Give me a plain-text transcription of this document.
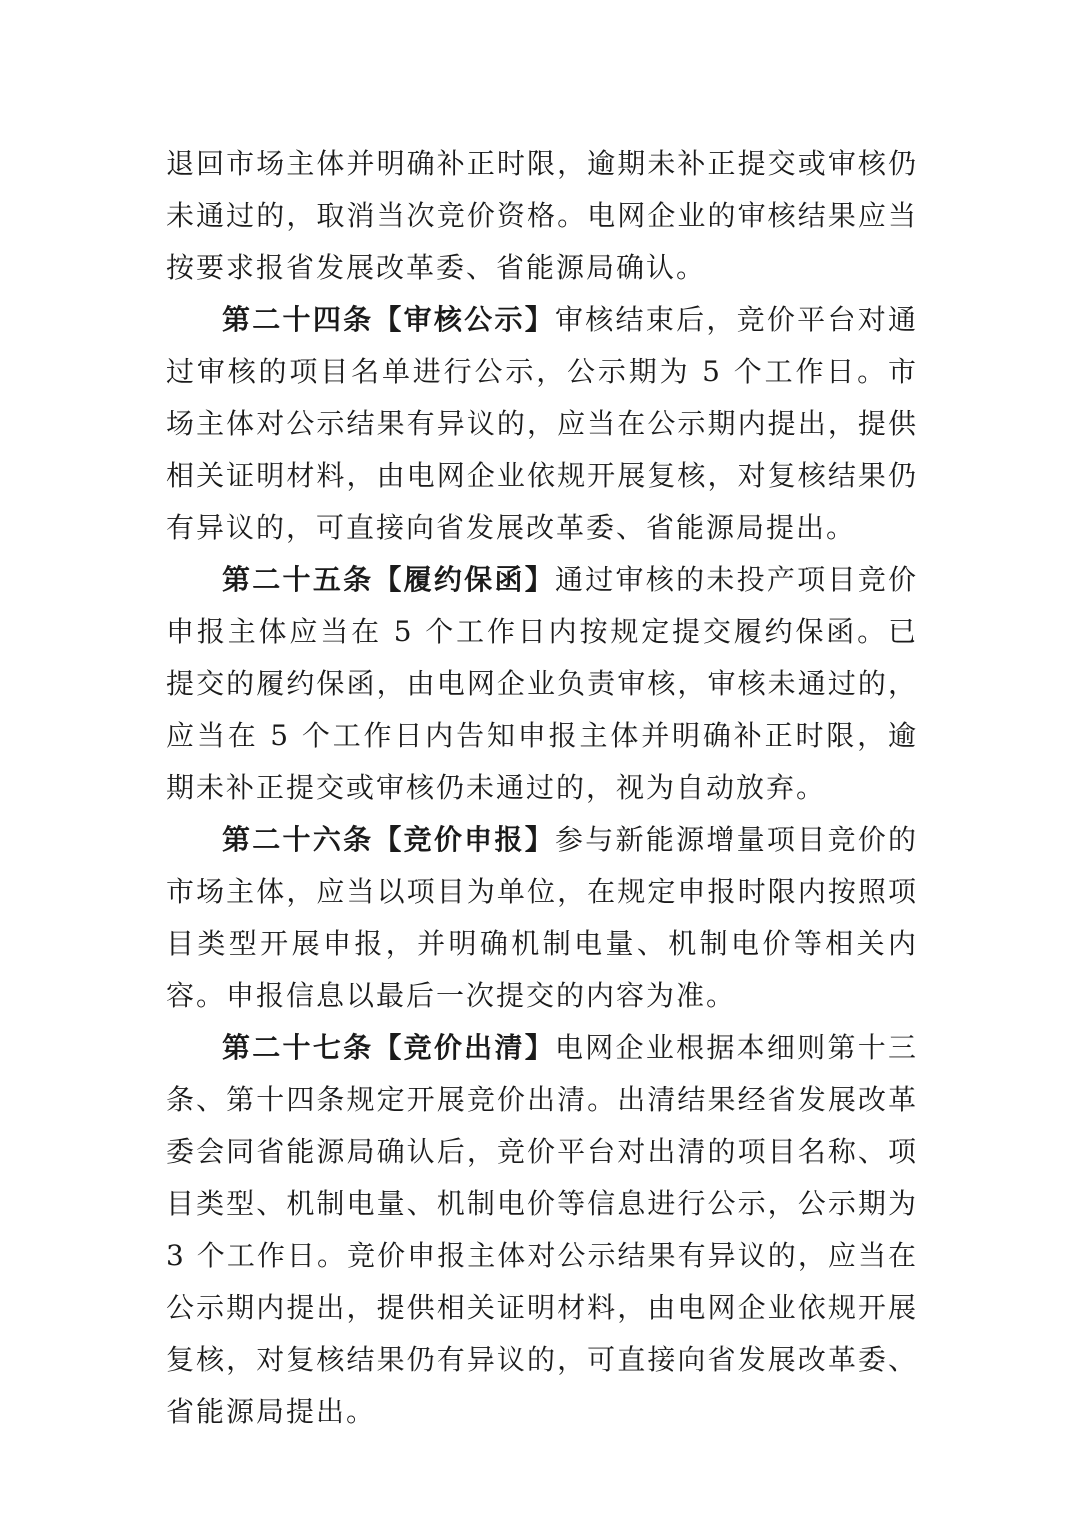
退回市场主体并明确补正时限，逾期未补正提交或审核仍未通过的，取消当次竞价资格。电网企业的审核结果应当按要求报省发展改革委、省能源局确认。

第二十四条【审核公示】审核结束后，竞价平台对通过审核的项目名单进行公示，公示期为 5 个工作日。市场主体对公示结果有异议的，应当在公示期内提出，提供相关证明材料，由电网企业依规开展复核，对复核结果仍有异议的，可直接向省发展改革委、省能源局提出。

第二十五条【履约保函】通过审核的未投产项目竞价申报主体应当在 5 个工作日内按规定提交履约保函。已提交的履约保函，由电网企业负责审核，审核未通过的，应当在 5 个工作日内告知申报主体并明确补正时限，逾期未补正提交或审核仍未通过的，视为自动放弃。

第二十六条【竞价申报】参与新能源增量项目竞价的市场主体，应当以项目为单位，在规定申报时限内按照项目类型开展申报，并明确机制电量、机制电价等相关内容。申报信息以最后一次提交的内容为准。

第二十七条【竞价出清】电网企业根据本细则第十三条、第十四条规定开展竞价出清。出清结果经省发展改革委会同省能源局确认后，竞价平台对出清的项目名称、项目类型、机制电量、机制电价等信息进行公示，公示期为 3 个工作日。竞价申报主体对公示结果有异议的，应当在公示期内提出，提供相关证明材料，由电网企业依规开展复核，对复核结果仍有异议的，可直接向省发展改革委、省能源局提出。
